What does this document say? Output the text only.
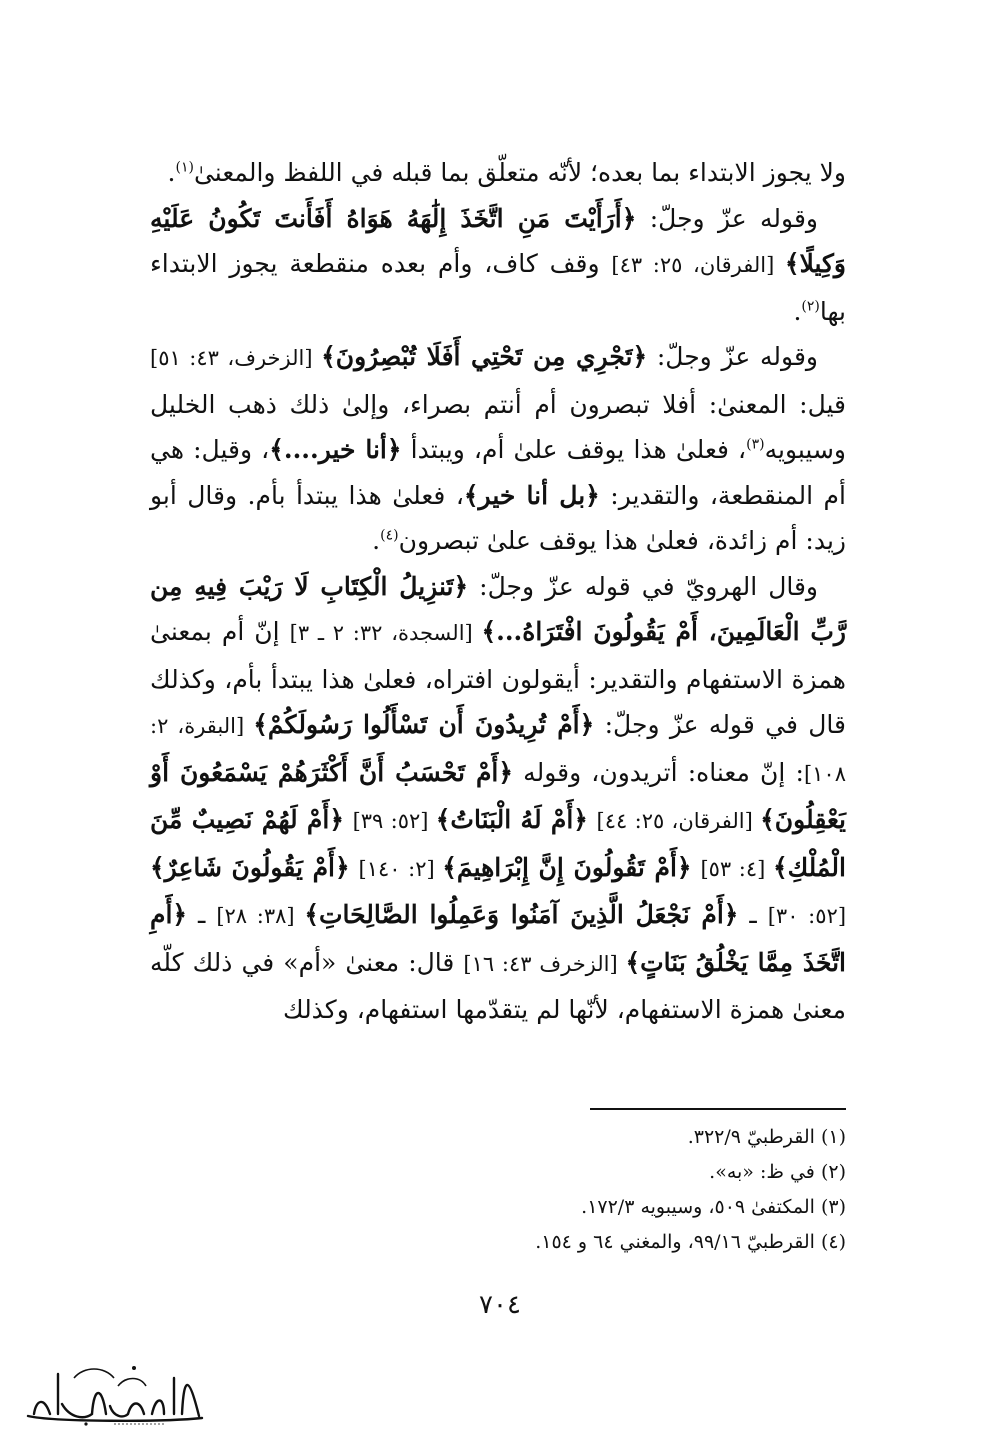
ولا يجوز الابتداء بما بعده؛ لأنّه متعلّق بما قبله في اللفظ والمعنىٰ$^{(١)}$.

وقوله عزّ وجلّ: ﴿أَرَأَيْتَ مَنِ اتَّخَذَ إِلَٰهَهُ هَوَاهُ أَفَأَنتَ تَكُونُ عَلَيْهِ وَكِيلًا﴾ [الفرقان، ٢٥: ٤٣] وقف كاف، وأم بعده منقطعة يجوز الابتداء بها$^{(٢)}$.

وقوله عزّ وجلّ: ﴿تَجْرِي مِن تَحْتِي أَفَلَا تُبْصِرُونَ﴾ [الزخرف، ٤٣: ٥١] قيل: المعنىٰ: أفلا تبصرون أم أنتم بصراء، وإلىٰ ذلك ذهب الخليل وسيبويه$^{(٣)}$، فعلىٰ هذا يوقف علىٰ أم، ويبتدأ ﴿أنا خير....﴾، وقيل: هي أم المنقطعة، والتقدير: ﴿بل أنا خير﴾، فعلىٰ هذا يبتدأ بأم. وقال أبو زيد: أم زائدة، فعلىٰ هذا يوقف علىٰ تبصرون$^{(٤)}$.

وقال الهرويّ في قوله عزّ وجلّ: ﴿تَنزِيلُ الْكِتَابِ لَا رَيْبَ فِيهِ مِن رَّبِّ الْعَالَمِينَ، أَمْ يَقُولُونَ افْتَرَاهُ...﴾ [السجدة، ٣٢: ٢ ـ ٣] إنّ أم بمعنىٰ همزة الاستفهام والتقدير: أيقولون افتراه، فعلىٰ هذا يبتدأ بأم، وكذلك قال في قوله عزّ وجلّ: ﴿أَمْ تُرِيدُونَ أَن تَسْأَلُوا رَسُولَكُمْ﴾ [البقرة، ٢: ١٠٨]: إنّ معناه: أتريدون، وقوله ﴿أَمْ تَحْسَبُ أَنَّ أَكْثَرَهُمْ يَسْمَعُونَ أَوْ يَعْقِلُونَ﴾ [الفرقان، ٢٥: ٤٤] ﴿أَمْ لَهُ الْبَنَاتُ﴾ [٥٢: ٣٩] ﴿أَمْ لَهُمْ نَصِيبٌ مِّنَ الْمُلْكِ﴾ [٤: ٥٣] ﴿أَمْ تَقُولُونَ إِنَّ إِبْرَاهِيمَ﴾ [٢: ١٤٠] ﴿أَمْ يَقُولُونَ شَاعِرٌ﴾ [٥٢: ٣٠] ـ ﴿أَمْ نَجْعَلُ الَّذِينَ آمَنُوا وَعَمِلُوا الصَّالِحَاتِ﴾ [٣٨: ٢٨] ـ ﴿أَمِ اتَّخَذَ مِمَّا يَخْلُقُ بَنَاتٍ﴾ [الزخرف ٤٣: ١٦] قال: معنىٰ «أم» في ذلك كلّه معنىٰ همزة الاستفهام، لأنّها لم يتقدّمها استفهام، وكذلك

(١) القرطبيّ ٣٢٢/٩.

(٢) في ظ: «به».

(٣) المكتفىٰ ٥٠٩، وسيبويه ١٧٢/٣.

(٤) القرطبيّ ٩٩/١٦، والمغني ٦٤ و ١٥٤.

٧٠٤
